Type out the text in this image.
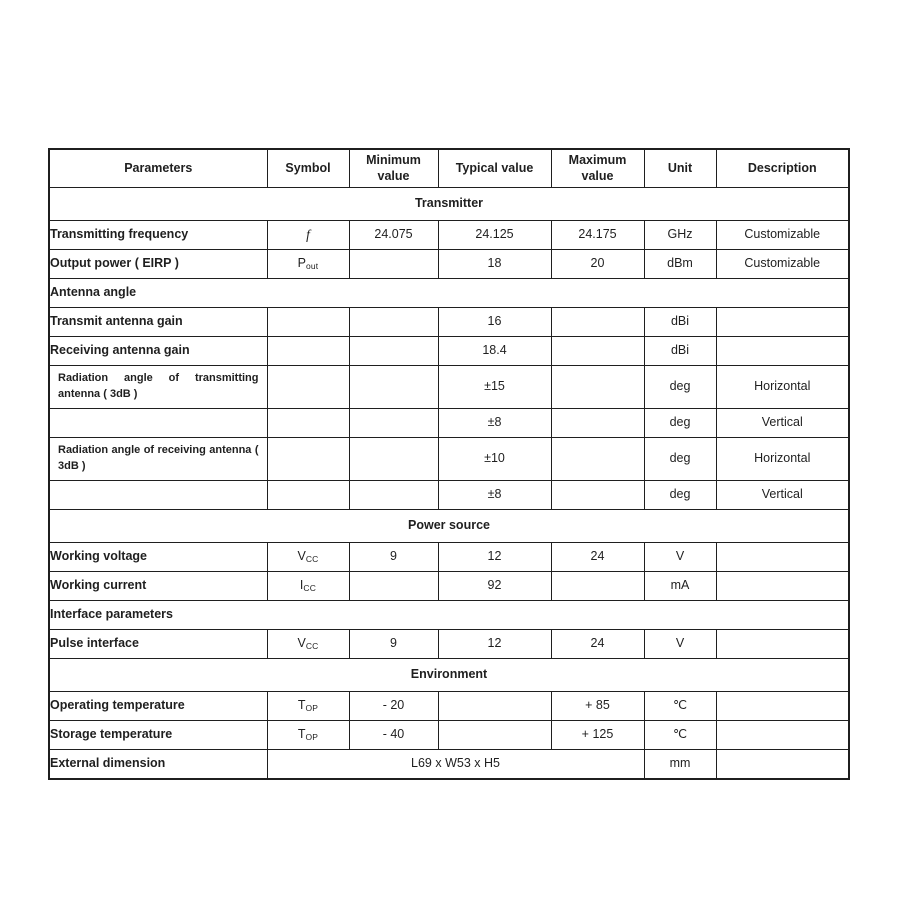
Parameters	Symbol	Minimum value	Typical value	Maximum value	Unit	Description
Transmitter						
Transmitting frequency	f	24.075	24.125	24.175	GHz	Customizable
Output power ( EIRP )	Pout		18	20	dBm	Customizable
Antenna angle						
Transmit antenna gain			16		dBi	
Receiving antenna gain			18.4		dBi	
Radiation angle of transmitting antenna ( 3dB )			±15		deg	Horizontal
			±8		deg	Vertical
Radiation angle of receiving antenna ( 3dB )			±10		deg	Horizontal
			±8		deg	Vertical
Power source						
Working voltage	VCC	9	12	24	V	
Working current	ICC		92		mA	
Interface parameters						
Pulse interface	VCC	9	12	24	V	
Environment						
Operating temperature	TOP	- 20		+ 85	℃	
Storage temperature	TOP	- 40		+ 125	℃	
External dimension	L69 x W53 x H5				mm	
